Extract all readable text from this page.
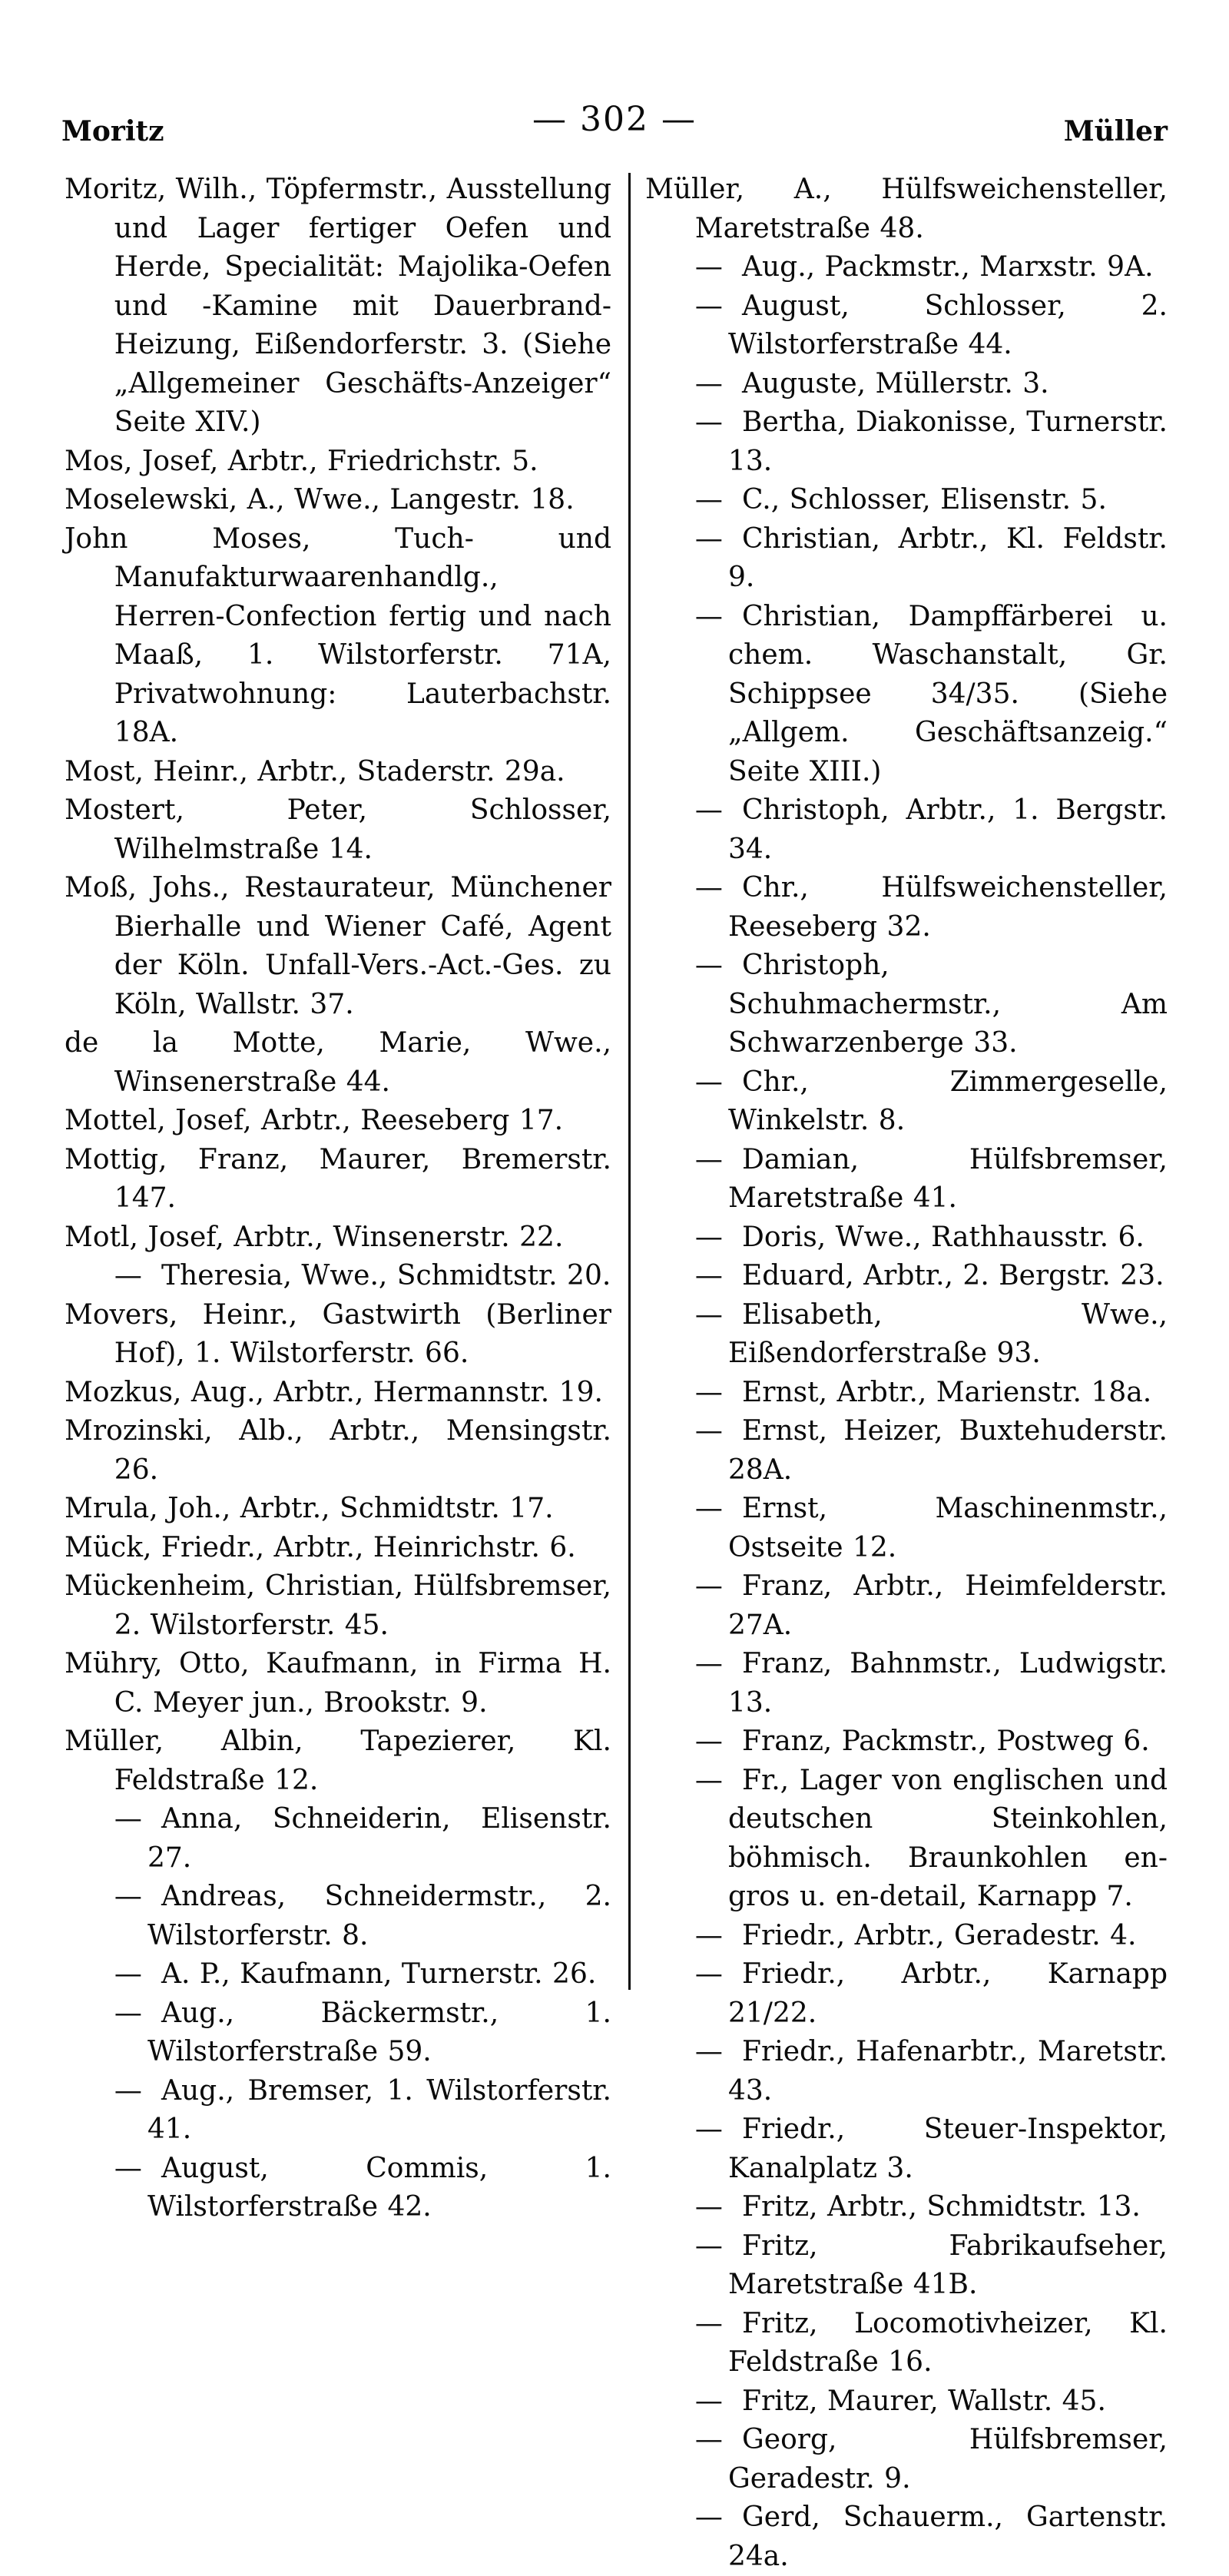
Moritz	— 302 —	Müller
Moritz, Wilh., Töpfermstr., Ausstellung und Lager fertiger Oefen und Herde, Specialität: Majolika-Oefen und -Kamine mit Dauerbrand-Heizung, Eißendorferstr. 3. (Siehe „Allgemeiner Geschäfts-Anzeiger“ Seite XIV.)
Mos, Josef, Arbtr., Friedrichstr. 5.
Moselewski, A., Wwe., Langestr. 18.
John Moses, Tuch- und Manufakturwaarenhandlg., Herren-Confection fertig und nach Maaß, 1. Wilstorferstr. 71A, Privatwohnung: Lauterbachstr. 18A.
Most, Heinr., Arbtr., Staderstr. 29a.
Mostert, Peter, Schlosser, Wilhelmstraße 14.
Moß, Johs., Restaurateur, Münchener Bierhalle und Wiener Café, Agent der Köln. Unfall-Vers.-Act.-Ges. zu Köln, Wallstr. 37.
de la Motte, Marie, Wwe., Winsenerstraße 44.
Mottel, Josef, Arbtr., Reeseberg 17.
Mottig, Franz, Maurer, Bremerstr. 147.
Motl, Josef, Arbtr., Winsenerstr. 22.
— Theresia, Wwe., Schmidtstr. 20.
Movers, Heinr., Gastwirth (Berliner Hof), 1. Wilstorferstr. 66.
Mozkus, Aug., Arbtr., Hermannstr. 19.
Mrozinski, Alb., Arbtr., Mensingstr. 26.
Mrula, Joh., Arbtr., Schmidtstr. 17.
Mück, Friedr., Arbtr., Heinrichstr. 6.
Mückenheim, Christian, Hülfsbremser, 2. Wilstorferstr. 45.
Mühry, Otto, Kaufmann, in Firma H. C. Meyer jun., Brookstr. 9.
Müller, Albin, Tapezierer, Kl. Feldstraße 12.
— Anna, Schneiderin, Elisenstr. 27.
— Andreas, Schneidermstr., 2. Wilstorferstr. 8.
— A. P., Kaufmann, Turnerstr. 26.
— Aug., Bäckermstr., 1. Wilstorferstraße 59.
— Aug., Bremser, 1. Wilstorferstr. 41.
— August, Commis, 1. Wilstorferstraße 42.
Müller, A., Hülfsweichensteller, Maretstraße 48.
— Aug., Packmstr., Marxstr. 9A.
— August, Schlosser, 2. Wilstorferstraße 44.
— Auguste, Müllerstr. 3.
— Bertha, Diakonisse, Turnerstr. 13.
— C., Schlosser, Elisenstr. 5.
— Christian, Arbtr., Kl. Feldstr. 9.
— Christian, Dampffärberei u. chem. Waschanstalt, Gr. Schippsee 34/35. (Siehe „Allgem. Geschäftsanzeig.“ Seite XIII.)
— Christoph, Arbtr., 1. Bergstr. 34.
— Chr., Hülfsweichensteller, Reeseberg 32.
— Christoph, Schuhmachermstr., Am Schwarzenberge 33.
— Chr., Zimmergeselle, Winkelstr. 8.
— Damian, Hülfsbremser, Maretstraße 41.
— Doris, Wwe., Rathhausstr. 6.
— Eduard, Arbtr., 2. Bergstr. 23.
— Elisabeth, Wwe., Eißendorferstraße 93.
— Ernst, Arbtr., Marienstr. 18a.
— Ernst, Heizer, Buxtehuderstr. 28A.
— Ernst, Maschinenmstr., Ostseite 12.
— Franz, Arbtr., Heimfelderstr. 27A.
— Franz, Bahnmstr., Ludwigstr. 13.
— Franz, Packmstr., Postweg 6.
— Fr., Lager von englischen und deutschen Steinkohlen, böhmisch. Braunkohlen en-gros u. en-detail, Karnapp 7.
— Friedr., Arbtr., Geradestr. 4.
— Friedr., Arbtr., Karnapp 21/22.
— Friedr., Hafenarbtr., Maretstr. 43.
— Friedr., Steuer-Inspektor, Kanalplatz 3.
— Fritz, Arbtr., Schmidtstr. 13.
— Fritz, Fabrikaufseher, Maretstraße 41B.
— Fritz, Locomotivheizer, Kl. Feldstraße 16.
— Fritz, Maurer, Wallstr. 45.
— Georg, Hülfsbremser, Geradestr. 9.
— Gerd, Schauerm., Gartenstr. 24a.
